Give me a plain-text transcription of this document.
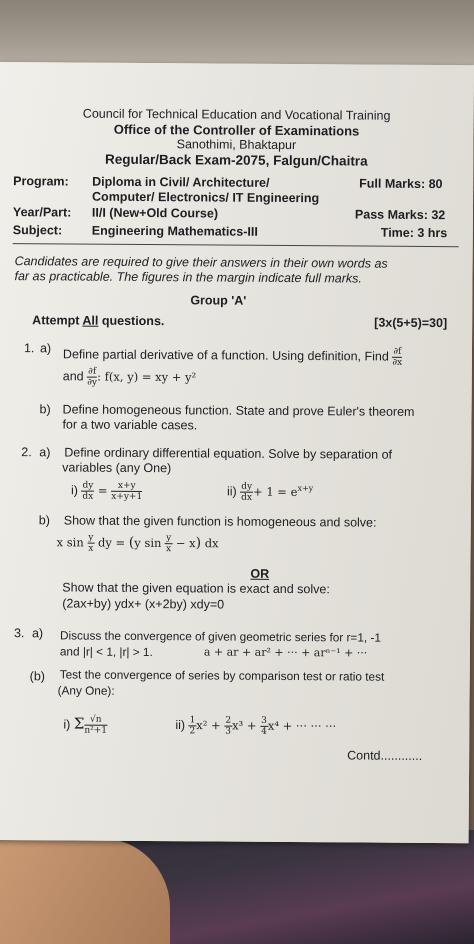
Council for Technical Education and Vocational Training
Office of the Controller of Examinations
Sanothimi, Bhaktapur
Regular/Back Exam-2075, Falgun/Chaitra
Program: Diploma in Civil/ Architecture/	Full Marks: 80
Computer/ Electronics/ IT Engineering
Year/Part: II/I (New+Old Course)	Pass Marks: 32
Subject: Engineering Mathematics-III	Time: 3 hrs
Candidates are required to give their answers in their own words as
far as practicable. The figures in the margin indicate full marks.
Group 'A'
Attempt All questions.	[3x(5+5)=30]
1. a) Define partial derivative of a function. Using definition, Find $\frac{\partial f}{\partial x}$
and $\frac{\partial f}{\partial y}$ : f(x, y) = xy + y²
b) Define homogeneous function. State and prove Euler's theorem
for a two variable cases.
2. a) Define ordinary differential equation. Solve by separation of
variables (any One)
$i) \frac{dy}{dx} = \frac{x+y}{x+y+1}$	$ii) \frac{dy}{dx} + 1 = e^{x+y}$
b) Show that the given function is homogeneous and solve:
x $\sin \frac{y}{x}$ dy = (y $\sin \frac{y}{x} - x$) dx
OR
Show that the given equation is exact and solve:
(2ax+by) ydx+ (x+2by) xdy=0
3. a) Discuss the convergence of given geometric series for r=1, -1
and |r| < 1, |r| > 1.	a + ar + ar² + ··· + arⁿ⁻¹ + ···
(b) Test the convergence of series by comparison test or ratio test
(Any One):
i) Σ $\frac{√n}{\text{n²+1}}$	$ii) \frac{1}{2} x^2 + \frac{2}{3} x^3 + \frac{3}{4} x^4$ + ··· ··· ···
Contd............
